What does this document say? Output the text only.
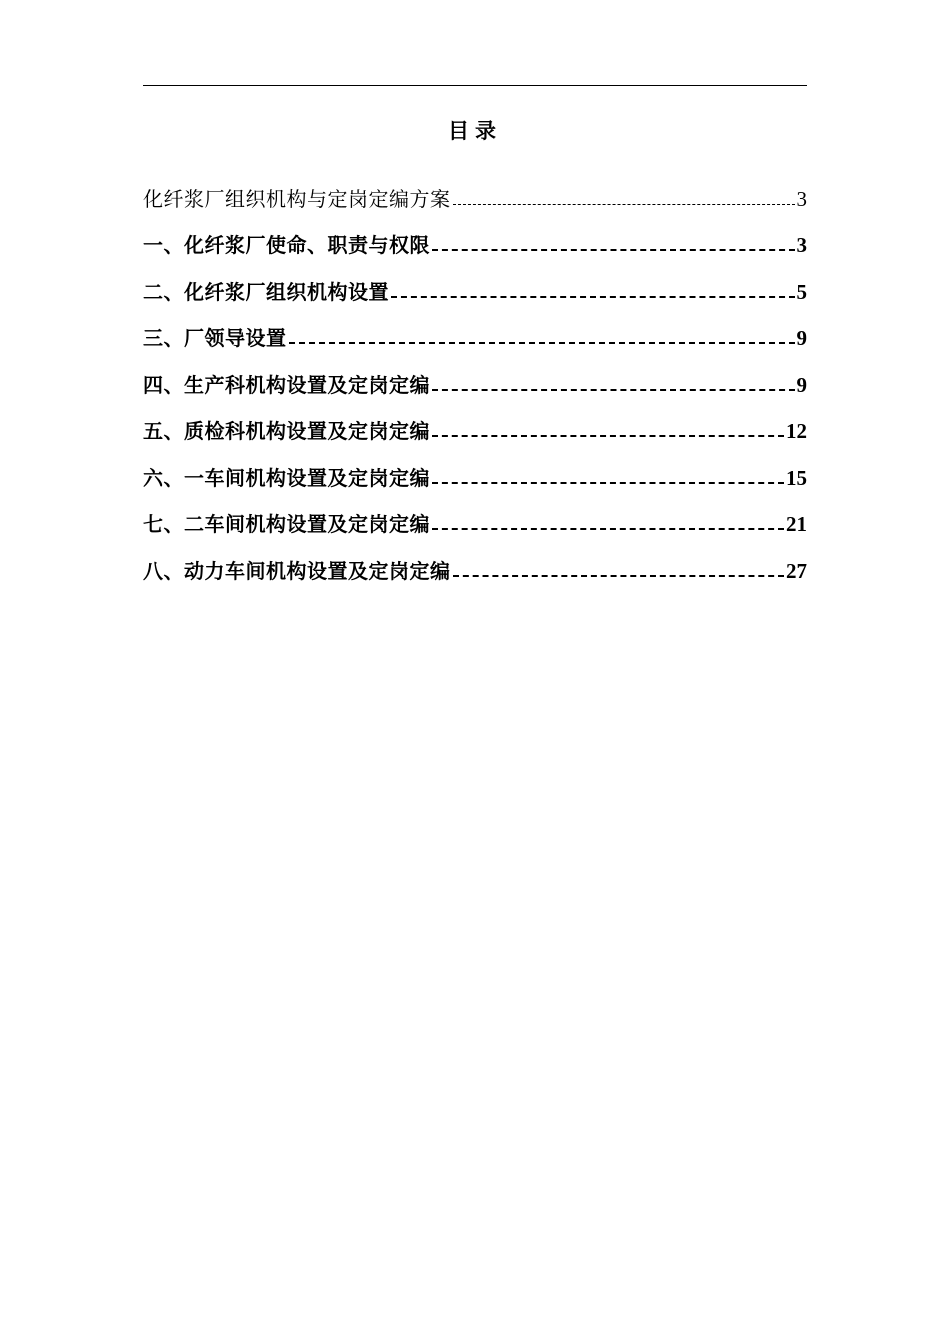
目录
化纤浆厂组织机构与定岗定编方案	3
一、化纤浆厂使命、职责与权限	3
二、化纤浆厂组织机构设置	5
三、厂领导设置	9
四、生产科机构设置及定岗定编	9
五、质检科机构设置及定岗定编	12
六、一车间机构设置及定岗定编	15
七、二车间机构设置及定岗定编	21
八、动力车间机构设置及定岗定编	27
